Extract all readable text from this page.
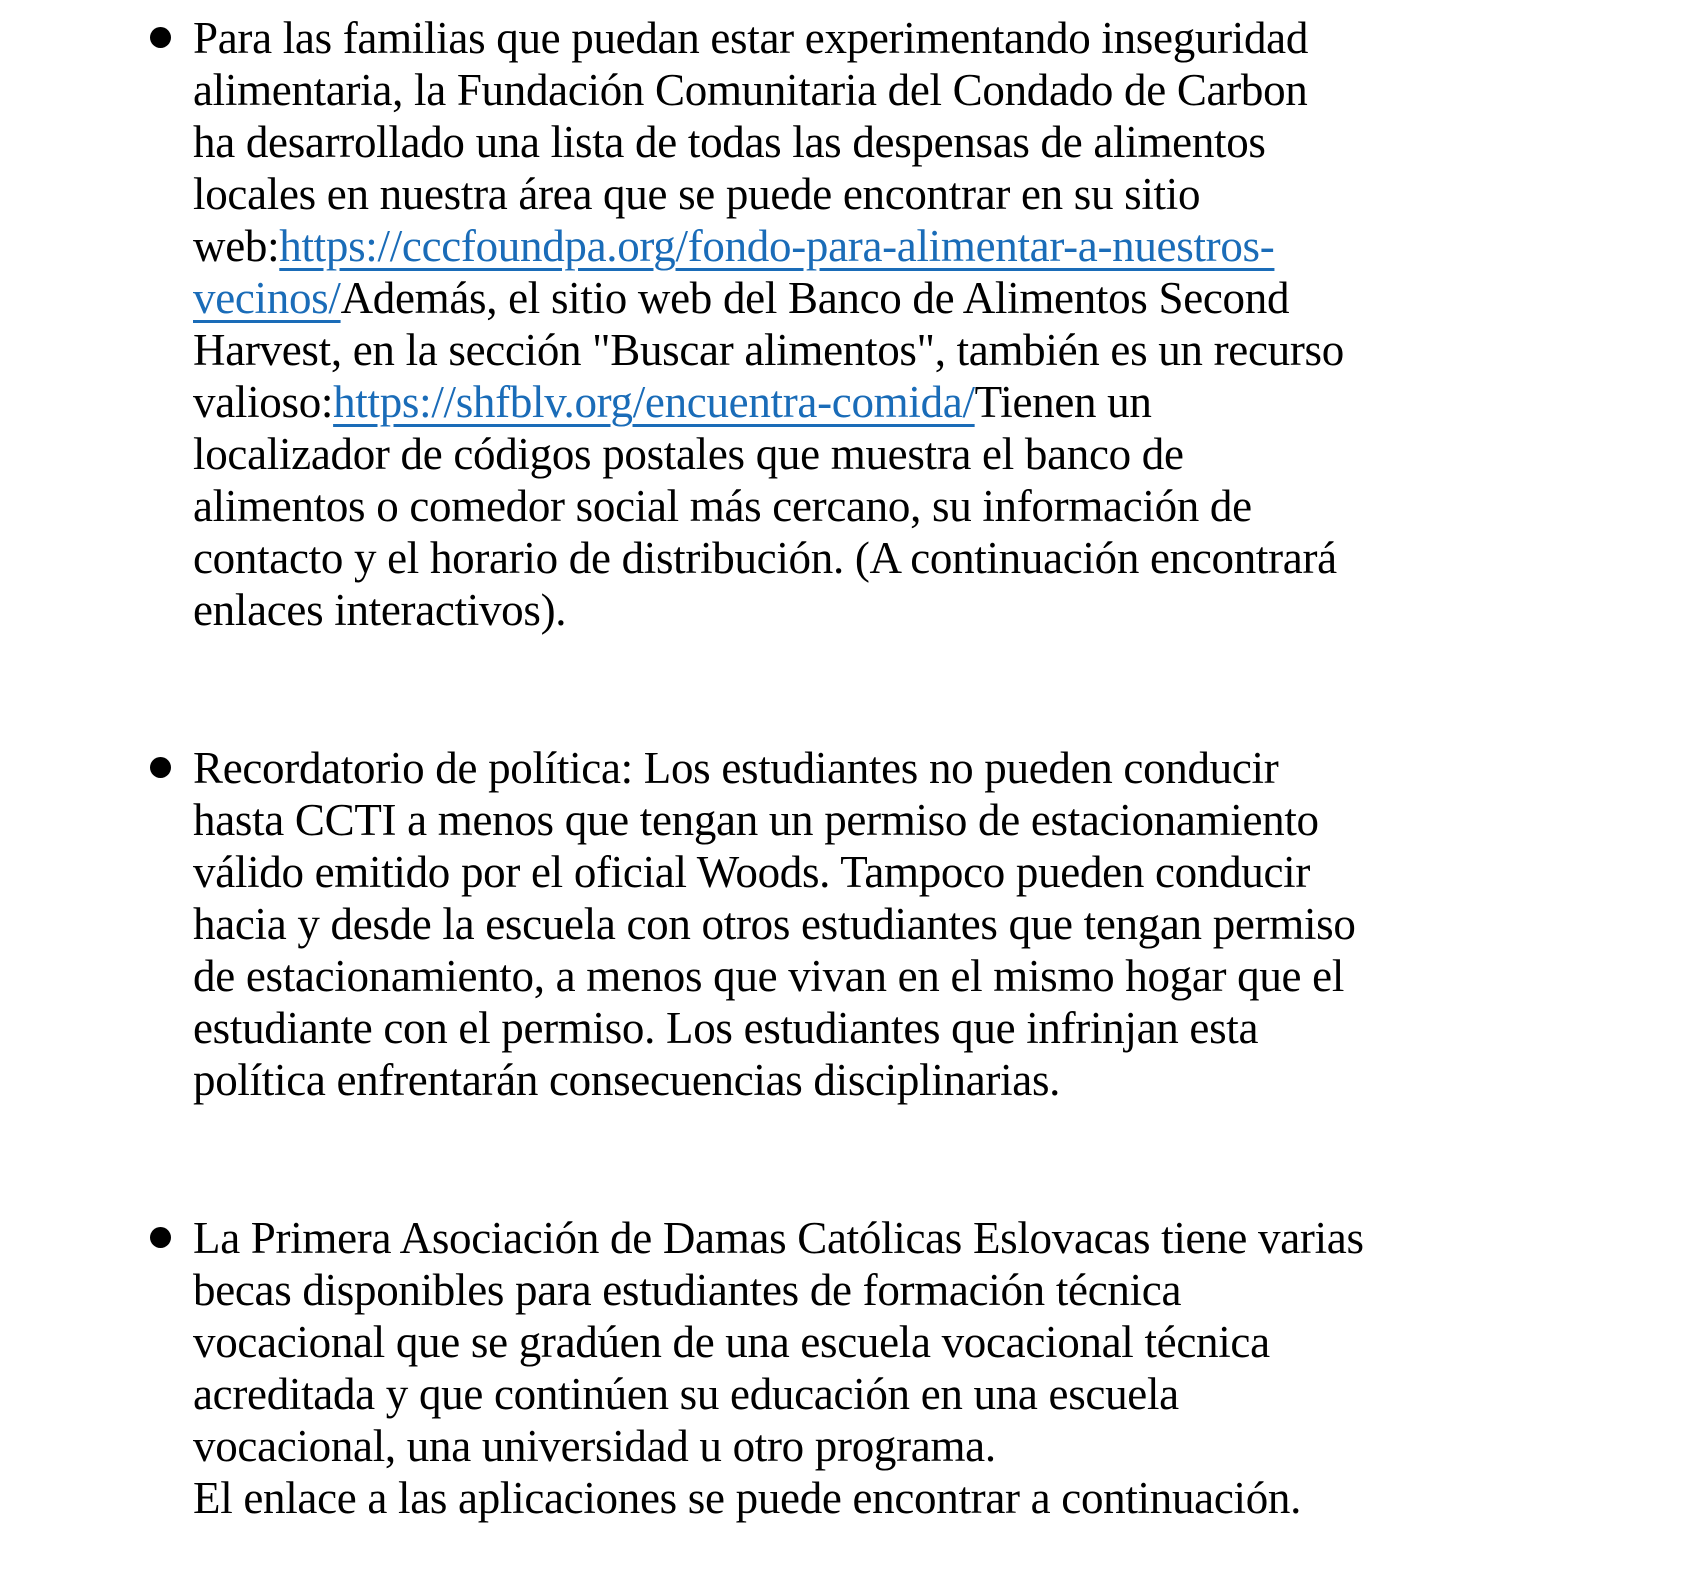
Para las familias que puedan estar experimentando inseguridad
alimentaria, la Fundación Comunitaria del Condado de Carbon
ha desarrollado una lista de todas las despensas de alimentos
locales en nuestra área que se puede encontrar en su sitio
web:https://cccfoundpa.org/fondo-para-alimentar-a-nuestros-
vecinos/Además, el sitio web del Banco de Alimentos Second
Harvest, en la sección "Buscar alimentos", también es un recurso
valioso:https://shfblv.org/encuentra-comida/Tienen un
localizador de códigos postales que muestra el banco de
alimentos o comedor social más cercano, su información de
contacto y el horario de distribución. (A continuación encontrará
enlaces interactivos).
Recordatorio de política: Los estudiantes no pueden conducir
hasta CCTI a menos que tengan un permiso de estacionamiento
válido emitido por el oficial Woods. Tampoco pueden conducir
hacia y desde la escuela con otros estudiantes que tengan permiso
de estacionamiento, a menos que vivan en el mismo hogar que el
estudiante con el permiso. Los estudiantes que infrinjan esta
política enfrentarán consecuencias disciplinarias.
La Primera Asociación de Damas Católicas Eslovacas tiene varias
becas disponibles para estudiantes de formación técnica
vocacional que se gradúen de una escuela vocacional técnica
acreditada y que continúen su educación en una escuela
vocacional, una universidad u otro programa.
El enlace a las aplicaciones se puede encontrar a continuación.
